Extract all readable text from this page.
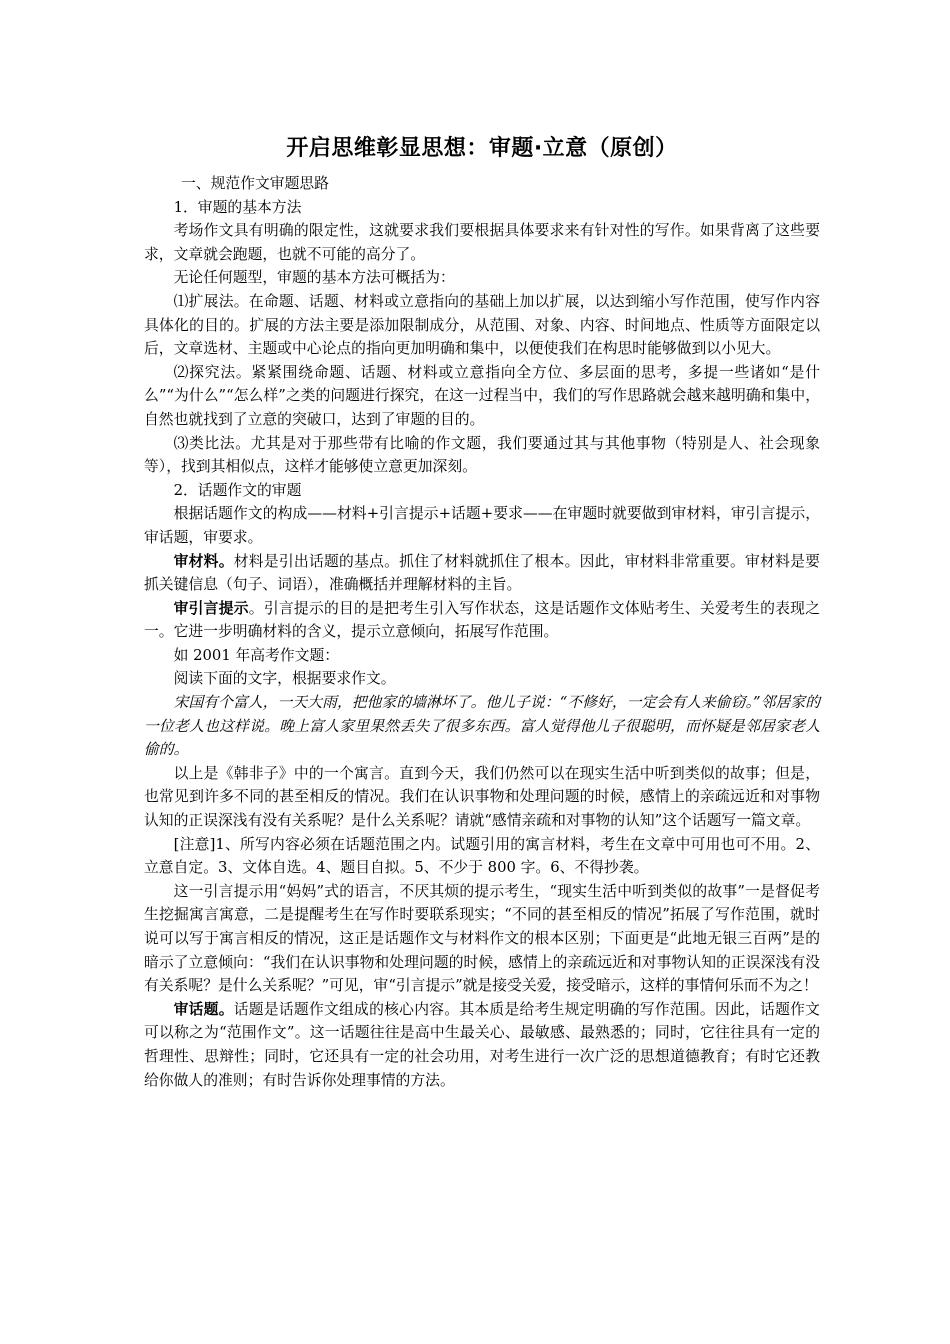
开启思维彰显思想：审题·立意（原创）

一、规范作文审题思路

1．审题的基本方法

考场作文具有明确的限定性，这就要求我们要根据具体要求来有针对性的写作。如果背离了这些要求，文章就会跑题，也就不可能的高分了。

无论任何题型，审题的基本方法可概括为：

⑴扩展法。在命题、话题、材料或立意指向的基础上加以扩展，以达到缩小写作范围，使写作内容具体化的目的。扩展的方法主要是添加限制成分，从范围、对象、内容、时间地点、性质等方面限定以后，文章选材、主题或中心论点的指向更加明确和集中，以便使我们在构思时能够做到以小见大。

⑵探究法。紧紧围绕命题、话题、材料或立意指向全方位、多层面的思考，多提一些诸如“是什么”“为什么”“怎么样”之类的问题进行探究，在这一过程当中，我们的写作思路就会越来越明确和集中，自然也就找到了立意的突破口，达到了审题的目的。

⑶类比法。尤其是对于那些带有比喻的作文题，我们要通过其与其他事物（特别是人、社会现象等），找到其相似点，这样才能够使立意更加深刻。

2．话题作文的审题

根据话题作文的构成——材料+引言提示+话题+要求——在审题时就要做到审材料，审引言提示，审话题，审要求。

审材料。材料是引出话题的基点。抓住了材料就抓住了根本。因此，审材料非常重要。审材料是要抓关键信息（句子、词语），准确概括并理解材料的主旨。

审引言提示。引言提示的目的是把考生引入写作状态，这是话题作文体贴考生、关爱考生的表现之一。它进一步明确材料的含义，提示立意倾向，拓展写作范围。

如 2001 年高考作文题：

阅读下面的文字，根据要求作文。

宋国有个富人，一天大雨，把他家的墙淋坏了。他儿子说：“不修好，一定会有人来偷窃。”邻居家的一位老人也这样说。晚上富人家里果然丢失了很多东西。富人觉得他儿子很聪明，而怀疑是邻居家老人偷的。

以上是《韩非子》中的一个寓言。直到今天，我们仍然可以在现实生活中听到类似的故事；但是，也常见到许多不同的甚至相反的情况。我们在认识事物和处理问题的时候，感情上的亲疏远近和对事物认知的正误深浅有没有关系呢？是什么关系呢？请就“感情亲疏和对事物的认知”这个话题写一篇文章。

[注意]1、所写内容必须在话题范围之内。试题引用的寓言材料，考生在文章中可用也可不用。2、立意自定。3、文体自选。4、题目自拟。5、不少于 800 字。6、不得抄袭。

这一引言提示用“妈妈”式的语言，不厌其烦的提示考生，“现实生活中听到类似的故事”一是督促考生挖掘寓言寓意，二是提醒考生在写作时要联系现实；“不同的甚至相反的情况”拓展了写作范围，就时说可以写于寓言相反的情况，这正是话题作文与材料作文的根本区别；下面更是“此地无银三百两”是的暗示了立意倾向：“我们在认识事物和处理问题的时候，感情上的亲疏远近和对事物认知的正误深浅有没有关系呢？是什么关系呢？”可见，审“引言提示”就是接受关爱，接受暗示，这样的事情何乐而不为之！

审话题。话题是话题作文组成的核心内容。其本质是给考生规定明确的写作范围。因此，话题作文可以称之为“范围作文”。这一话题往往是高中生最关心、最敏感、最熟悉的；同时，它往往具有一定的哲理性、思辩性；同时，它还具有一定的社会功用，对考生进行一次广泛的思想道德教育；有时它还教给你做人的准则；有时告诉你处理事情的方法。
